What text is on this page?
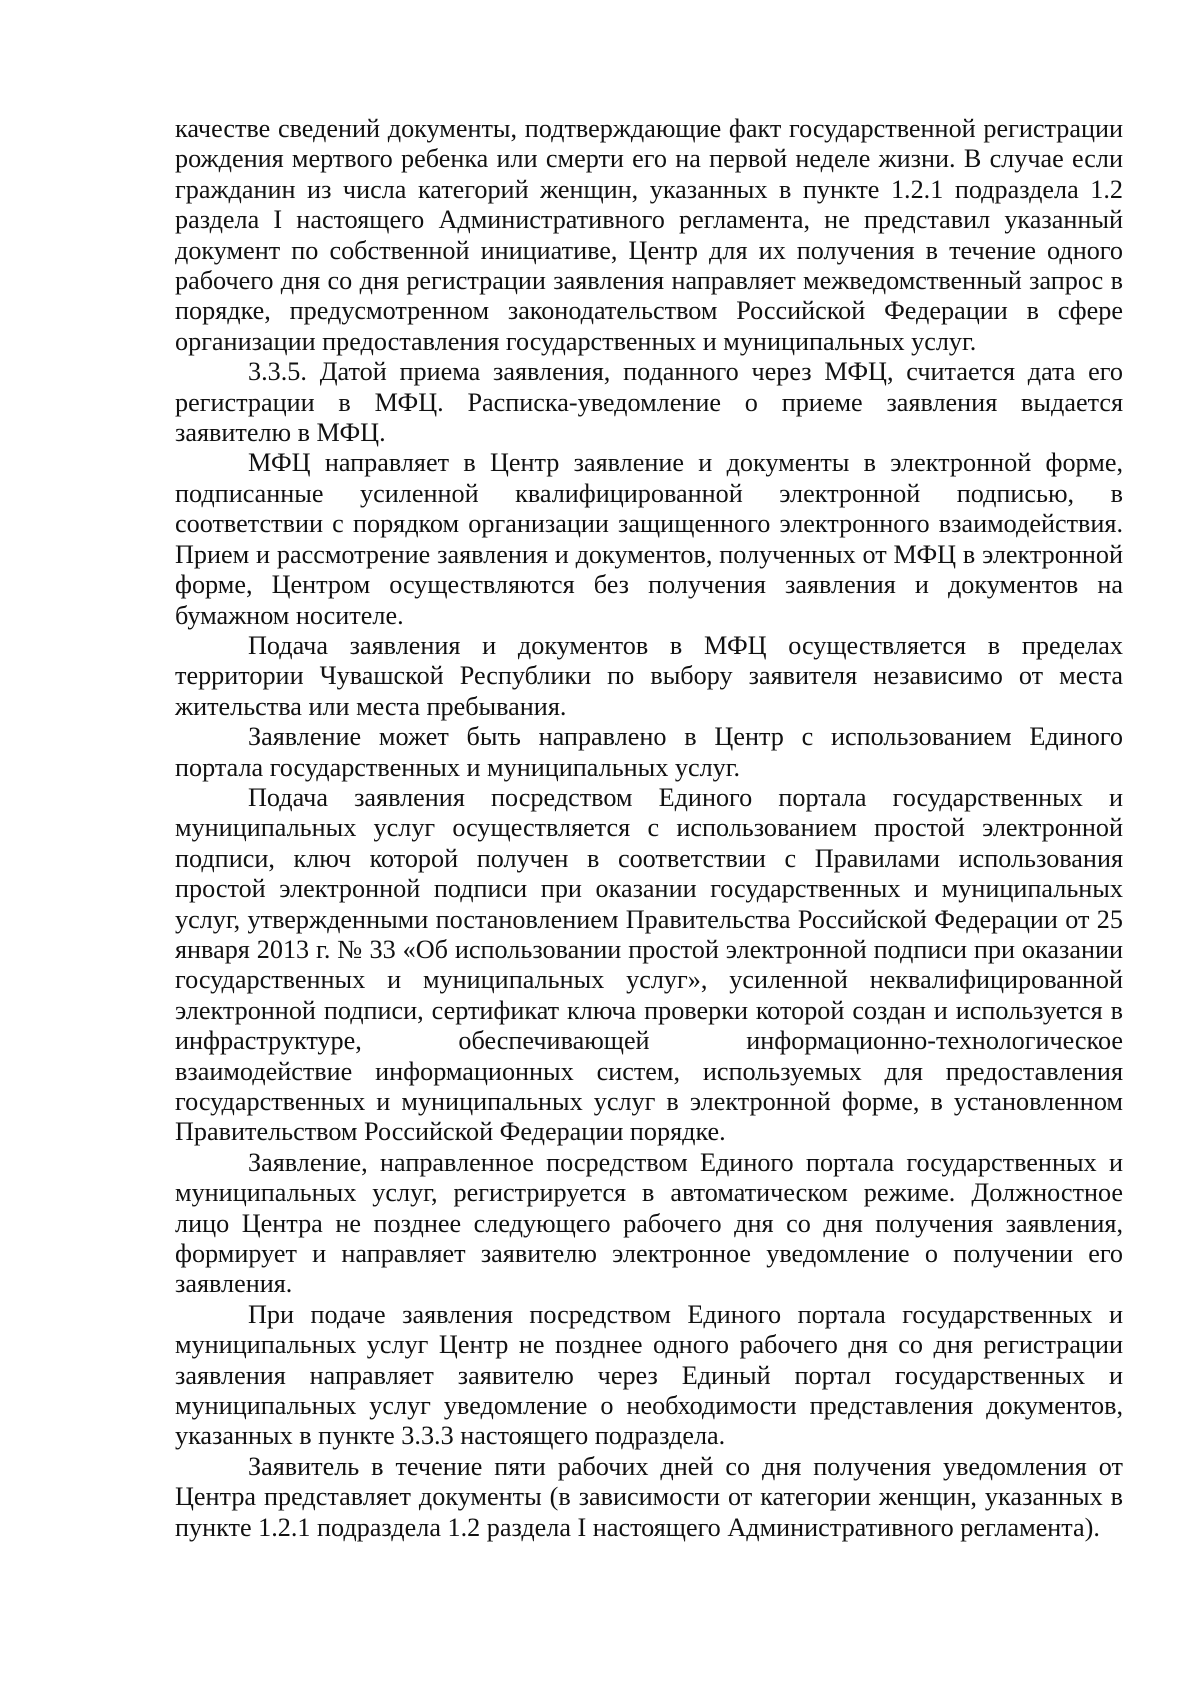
качестве сведений документы, подтверждающие факт государственной регистрации рождения мертвого ребенка или смерти его на первой неделе жизни. В случае если гражданин из числа категорий женщин, указанных в пункте 1.2.1 подраздела 1.2 раздела I настоящего Административного регламента, не представил указанный документ по собственной инициативе, Центр для их получения в течение одного рабочего дня со дня регистрации заявления направляет межведомственный запрос в порядке, предусмотренном законодательством Российской Федерации в сфере организации предоставления государственных и муниципальных услуг.

3.3.5. Датой приема заявления, поданного через МФЦ, считается дата его регистрации в МФЦ. Расписка-уведомление о приеме заявления выдается заявителю в МФЦ.

МФЦ направляет в Центр заявление и документы в электронной форме, подписанные усиленной квалифицированной электронной подписью, в соответствии с порядком организации защищенного электронного взаимодействия. Прием и рассмотрение заявления и документов, полученных от МФЦ в электронной форме, Центром осуществляются без получения заявления и документов на бумажном носителе.

Подача заявления и документов в МФЦ осуществляется в пределах территории Чувашской Республики по выбору заявителя независимо от места жительства или места пребывания.

Заявление может быть направлено в Центр с использованием Единого портала государственных и муниципальных услуг.

Подача заявления посредством Единого портала государственных и муниципальных услуг осуществляется с использованием простой электронной подписи, ключ которой получен в соответствии с Правилами использования простой электронной подписи при оказании государственных и муниципальных услуг, утвержденными постановлением Правительства Российской Федерации от 25 января 2013 г. № 33 «Об использовании простой электронной подписи при оказании государственных и муниципальных услуг», усиленной неквалифицированной электронной подписи, сертификат ключа проверки которой создан и используется в инфраструктуре, обеспечивающей информационно-технологическое взаимодействие информационных систем, используемых для предоставления государственных и муниципальных услуг в электронной форме, в установленном Правительством Российской Федерации порядке.

Заявление, направленное посредством Единого портала государственных и муниципальных услуг, регистрируется в автоматическом режиме. Должностное лицо Центра не позднее следующего рабочего дня со дня получения заявления, формирует и направляет заявителю электронное уведомление о получении его заявления.

При подаче заявления посредством Единого портала государственных и муниципальных услуг Центр не позднее одного рабочего дня со дня регистрации заявления направляет заявителю через Единый портал государственных и муниципальных услуг уведомление о необходимости представления документов, указанных в пункте 3.3.3 настоящего подраздела.

Заявитель в течение пяти рабочих дней со дня получения уведомления от Центра представляет документы (в зависимости от категории женщин, указанных в пункте 1.2.1 подраздела 1.2 раздела I настоящего Административного регламента).
